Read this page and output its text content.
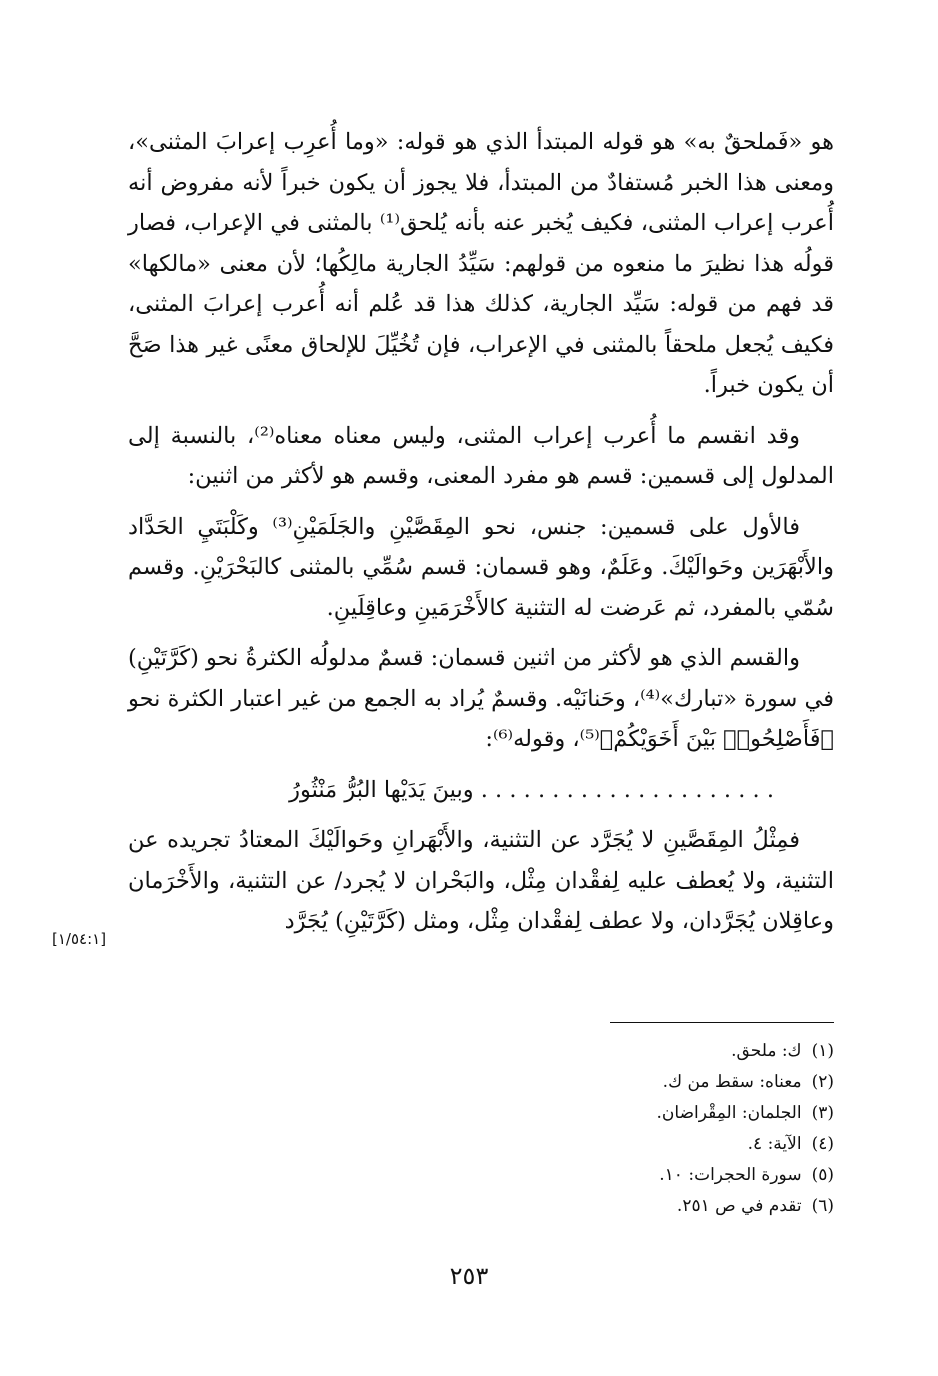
هو «فَملحقٌ به» هو قوله المبتدأ الذي هو قوله: «وما أُعرِب إعرابَ المثنى»، ومعنى هذا الخبر مُستفادٌ من المبتدأ، فلا يجوز أن يكون خبراً لأنه مفروض أنه أُعرب إعراب المثنى، فكيف يُخبر عنه بأنه يُلحق⁽¹⁾ بالمثنى في الإعراب، فصار قولُه هذا نظيرَ ما منعوه من قولهم: سَيِّدُ الجارية مالِكُها؛ لأن معنى «مالكها» قد فهم من قوله: سَيِّد الجارية، كذلك هذا قد عُلم أنه أُعرب إعرابَ المثنى، فكيف يُجعل ملحقاً بالمثنى في الإعراب، فإن تُخُيِّلَ للإلحاق معنًى غير هذا صَحَّ أن يكون خبراً.

وقد انقسم ما أُعرب إعراب المثنى، وليس معناه معناه⁽²⁾، بالنسبة إلى المدلول إلى قسمين: قسم هو مفرد المعنى، وقسم هو لأكثر من اثنين:

فالأول على قسمين: جنس، نحو المِقَصَّيْنِ والجَلَمَيْنِ⁽³⁾ وكَلْبَتَيِ الحَدَّاد والأَبْهَرَين وحَوالَيْكَ. وعَلَمٌ، وهو قسمان: قسم سُمِّي بالمثنى كالبَحْرَيْنِ. وقسم سُمّي بالمفرد، ثم عَرضت له التثنية كالأَخْرَمَينِ وعاقِلَينِ.

والقسم الذي هو لأكثر من اثنين قسمان: قسمٌ مدلولُه الكثرةُ نحو (كَرَّتَيْنِ) في سورة «تبارك»⁽⁴⁾، وحَنانَيْه. وقسمٌ يُراد به الجمع من غير اعتبار الكثرة نحو ﴿فَأَصْلِحُوا۟ بَيْنَ أَخَوَيْكُمْ﴾⁽⁵⁾، وقوله⁽⁶⁾:

. . . . . . . . . . . . . . . . . . . . . وبينَ يَدَيْها البُرُّ مَنْثُورُ

فمِثْلُ المِقَصَّينِ لا يُجَرَّد عن التثنية، والأَبْهَرانِ وحَوالَيْكَ المعتادُ تجريده عن التثنية، ولا يُعطف عليه لِفقْدان مِثْل، والبَحْران لا يُجرد/ عن التثنية، والأَخْرَمان وعاقِلان يُجَرَّدان، ولا عطف لِفقْدان مِثْل، ومثل (كَرَّتَيْنِ) يُجَرَّد

[١/٥٤:١]
(١)ك: ملحق.
(٢)معناه: سقط من ك.
(٣)الجلمان: المِقْراضان.
(٤)الآية: ٤.
(٥)سورة الحجرات: ١٠.
(٦)تقدم في ص ٢٥١.
٢٥٣
